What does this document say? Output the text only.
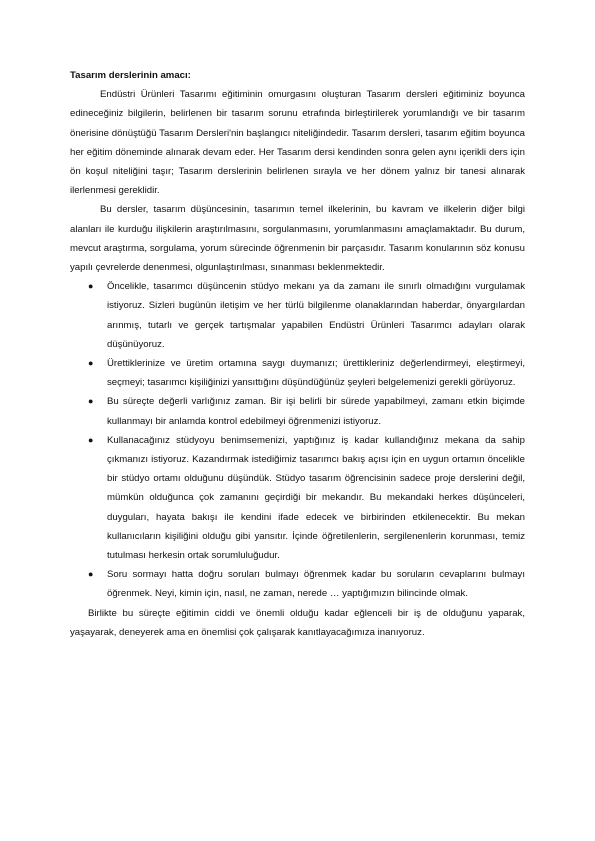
Tasarım derslerinin amacı:

Endüstri Ürünleri Tasarımı eğitiminin omurgasını oluşturan Tasarım dersleri eğitiminiz boyunca edineceğiniz bilgilerin, belirlenen bir tasarım sorunu etrafında birleştirilerek yorumlandığı ve bir tasarım önerisine dönüştüğü Tasarım Dersleri'nin başlangıcı niteliğindedir. Tasarım dersleri, tasarım eğitim boyunca her eğitim döneminde alınarak devam eder. Her Tasarım dersi kendinden sonra gelen aynı içerikli ders için ön koşul niteliğini taşır; Tasarım derslerinin belirlenen sırayla ve her dönem yalnız bir tanesi alınarak ilerlenmesi gereklidir.

Bu dersler, tasarım düşüncesinin, tasarımın temel ilkelerinin, bu kavram ve ilkelerin diğer bilgi alanları ile kurduğu ilişkilerin araştırılmasını, sorgulanmasını, yorumlanmasını amaçlamaktadır. Bu durum, mevcut araştırma, sorgulama, yorum sürecinde öğrenmenin bir parçasıdır. Tasarım konularının söz konusu yapılı çevrelerde denenmesi, olgunlaştırılması, sınanması beklenmektedir.

● Öncelikle, tasarımcı düşüncenin stüdyo mekanı ya da zamanı ile sınırlı olmadığını vurgulamak istiyoruz. Sizleri bugünün iletişim ve her türlü bilgilenme olanaklarından haberdar, önyargılardan arınmış, tutarlı ve gerçek tartışmalar yapabilen Endüstri Ürünleri Tasarımcı adayları olarak düşünüyoruz.
● Ürettiklerinize ve üretim ortamına saygı duymanızı; ürettikleriniz değerlendirmeyi, eleştirmeyi, seçmeyi; tasarımcı kişiliğinizi yansıttığını düşündüğünüz şeyleri belgelemenizi gerekli görüyoruz.
● Bu süreçte değerli varlığınız zaman. Bir işi belirli bir sürede yapabilmeyi, zamanı etkin biçimde kullanmayı bir anlamda kontrol edebilmeyi öğrenmenizi istiyoruz.
● Kullanacağınız stüdyoyu benimsemenizi, yaptığınız iş kadar kullandığınız mekana da sahip çıkmanızı istiyoruz. Kazandırmak istediğimiz tasarımcı bakış açısı için en uygun ortamın öncelikle bir stüdyo ortamı olduğunu düşündük. Stüdyo tasarım öğrencisinin sadece proje derslerini değil, mümkün olduğunca çok zamanını geçirdiği bir mekandır. Bu mekandaki herkes düşünceleri, duyguları, hayata bakışı ile kendini ifade edecek ve birbirinden etkilenecektir. Bu mekan kullanıcıların kişiliğini olduğu gibi yansıtır. İçinde öğretilenlerin, sergilenenlerin korunması, temiz tutulması herkesin ortak sorumluluğudur.
● Soru sormayı hatta doğru soruları bulmayı öğrenmek kadar bu soruların cevaplarını bulmayı öğrenmek. Neyi, kimin için, nasıl, ne zaman, nerede … yaptığımızın bilincinde olmak.

Birlikte bu süreçte eğitimin ciddi ve önemli olduğu kadar eğlenceli bir iş de olduğunu yaparak, yaşayarak, deneyerek ama en önemlisi çok çalışarak kanıtlayacağımıza inanıyoruz.
